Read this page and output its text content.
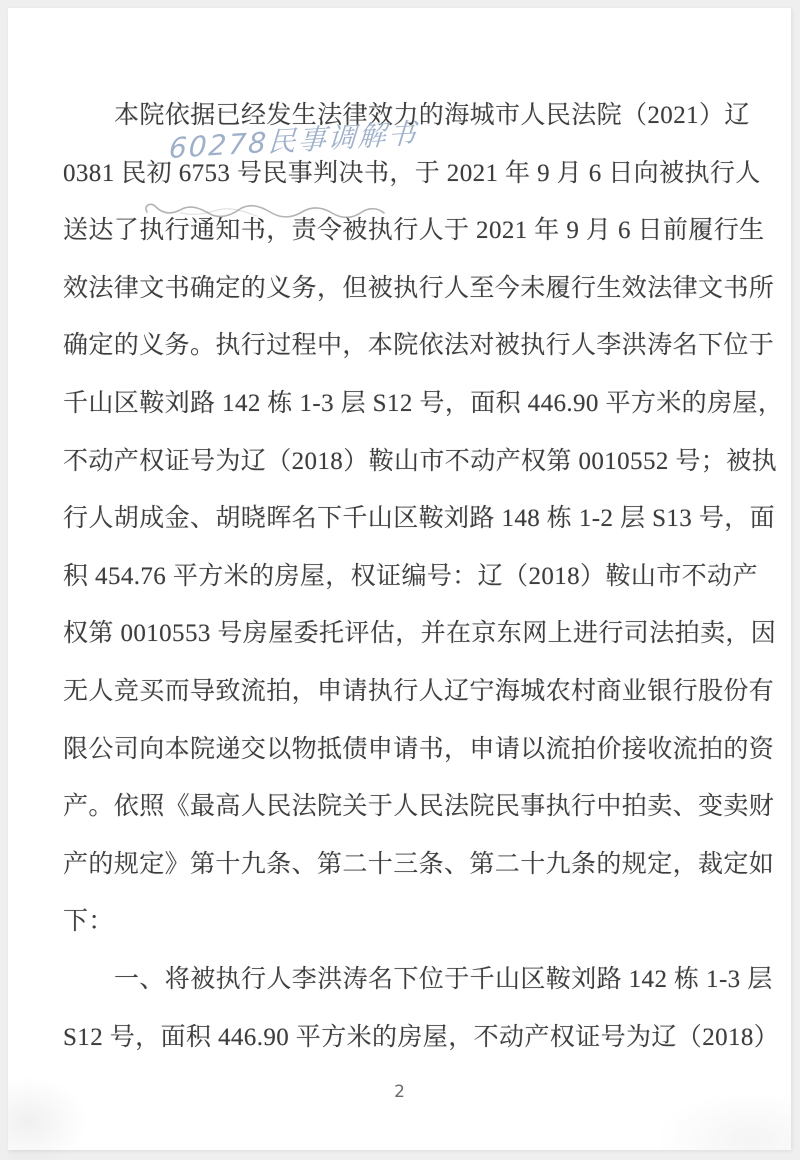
本院依据已经发生法律效力的海城市人民法院（2021）辽
0381 民初 6753 号民事判决书，于 2021 年 9 月 6 日向被执行人
送达了执行通知书，责令被执行人于 2021 年 9 月 6 日前履行生
效法律文书确定的义务，但被执行人至今未履行生效法律文书所
确定的义务。执行过程中，本院依法对被执行人李洪涛名下位于
千山区鞍刘路 142 栋 1-3 层 S12 号，面积 446.90 平方米的房屋，
不动产权证号为辽（2018）鞍山市不动产权第 0010552 号；被执
行人胡成金、胡晓晖名下千山区鞍刘路 148 栋 1-2 层 S13 号，面
积 454.76 平方米的房屋，权证编号：辽（2018）鞍山市不动产
权第 0010553 号房屋委托评估，并在京东网上进行司法拍卖，因
无人竞买而导致流拍，申请执行人辽宁海城农村商业银行股份有
限公司向本院递交以物抵债申请书，申请以流拍价接收流拍的资
产。依照《最高人民法院关于人民法院民事执行中拍卖、变卖财
产的规定》第十九条、第二十三条、第二十九条的规定，裁定如
下：
一、将被执行人李洪涛名下位于千山区鞍刘路 142 栋 1-3 层
S12 号，面积 446.90 平方米的房屋，不动产权证号为辽（2018）
60278民事调解书
2
